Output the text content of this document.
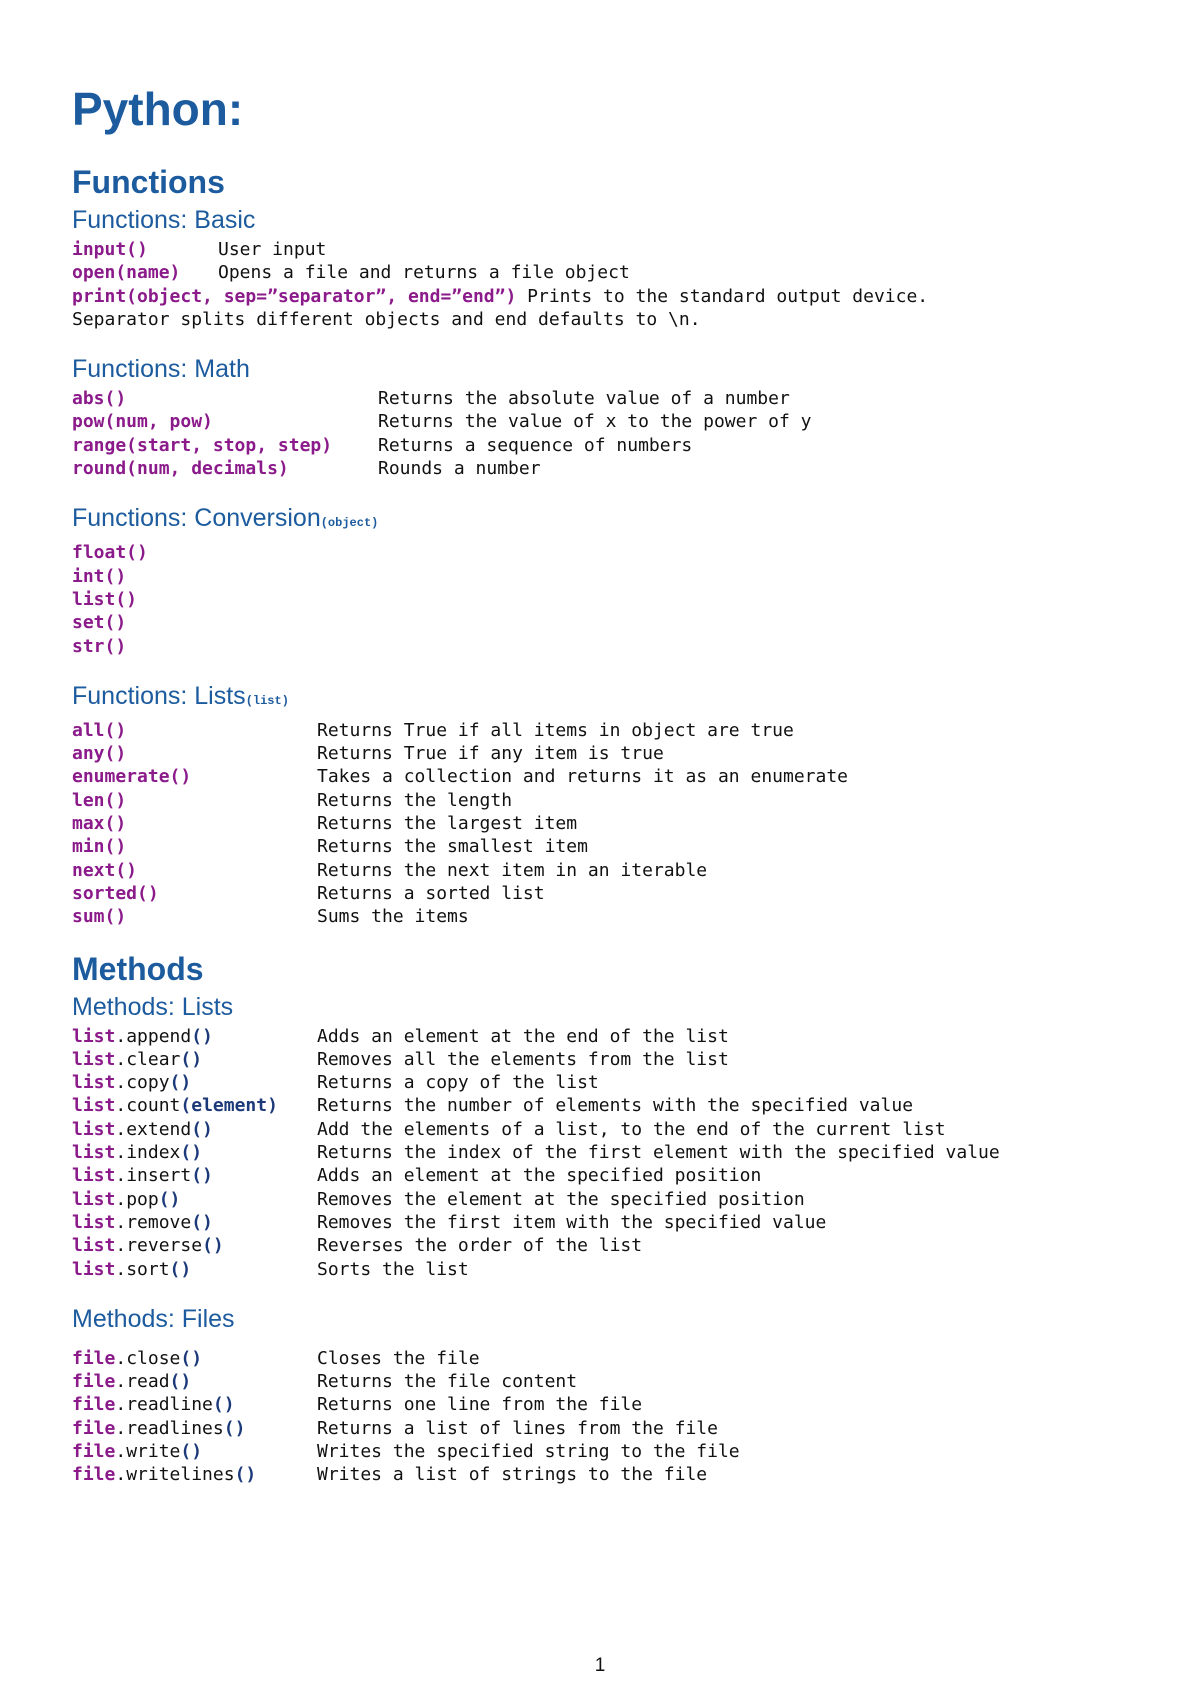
Python:
Functions
Functions: Basic
input()	User input
open(name)	Opens a file and returns a file object
print(object, sep=”separator”, end=”end”) Prints to the standard output device.
Separator splits different objects and end defaults to \n.
Functions: Math
abs()	Returns the absolute value of a number
pow(num, pow)	Returns the value of x to the power of y
range(start, stop, step)	Returns a sequence of numbers
round(num, decimals)	Rounds a number
Functions: Conversion(object)
float()
int()
list()
set()
str()
Functions: Lists(list)
all()	Returns True if all items in object are true
any()	Returns True if any item is true
enumerate()	Takes a collection and returns it as an enumerate
len()	Returns the length
max()	Returns the largest item
min()	Returns the smallest item
next()	Returns the next item in an iterable
sorted()	Returns a sorted list
sum()	Sums the items
Methods
Methods: Lists
list.append()	Adds an element at the end of the list
list.clear()	Removes all the elements from the list
list.copy()	Returns a copy of the list
list.count(element)	Returns the number of elements with the specified value
list.extend()	Add the elements of a list, to the end of the current list
list.index()	Returns the index of the first element with the specified value
list.insert()	Adds an element at the specified position
list.pop()	Removes the element at the specified position
list.remove()	Removes the first item with the specified value
list.reverse()	Reverses the order of the list
list.sort()	Sorts the list
Methods: Files
file.close()	Closes the file
file.read()	Returns the file content
file.readline()	Returns one line from the file
file.readlines()	Returns a list of lines from the file
file.write()	Writes the specified string to the file
file.writelines()	Writes a list of strings to the file
1
